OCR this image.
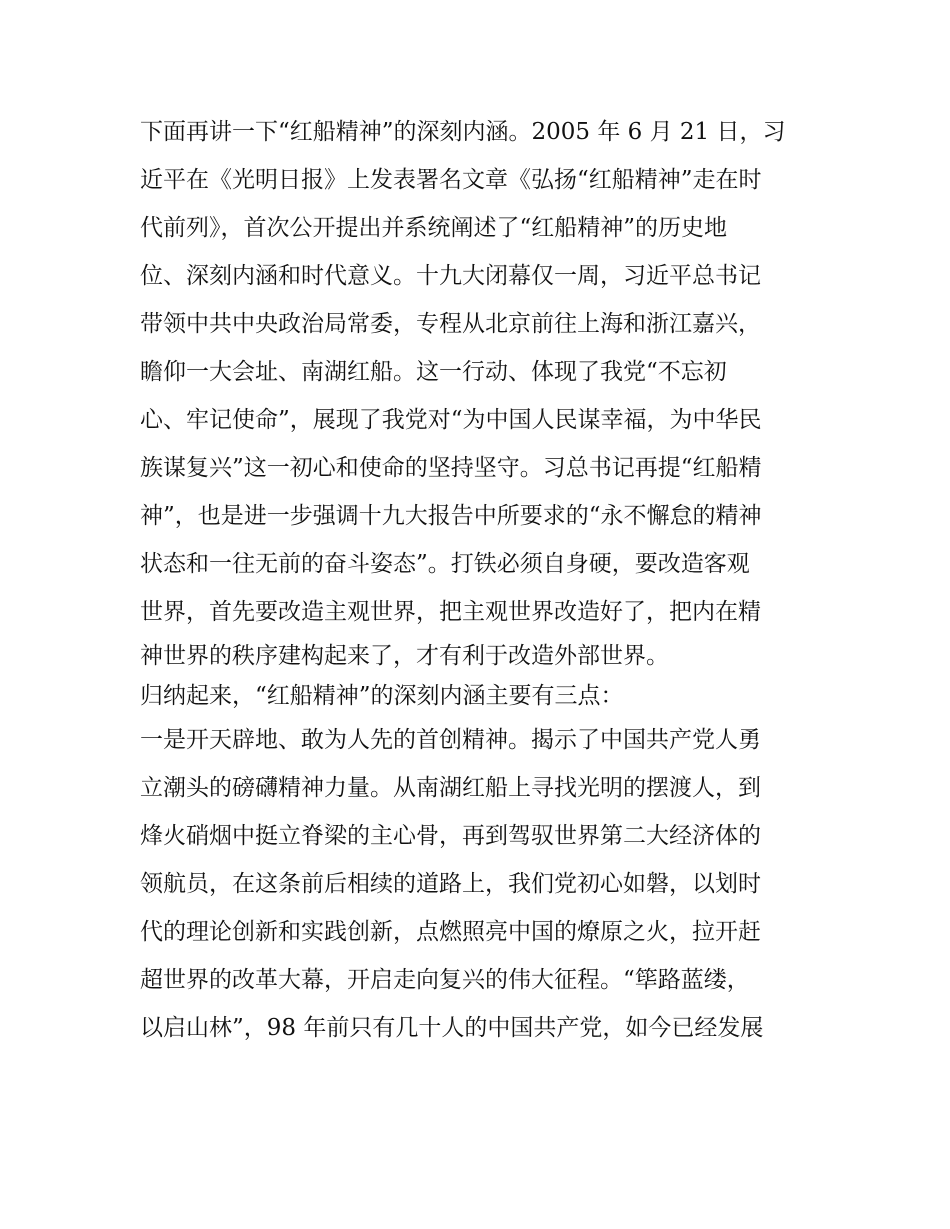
下面再讲一下“红船精神”的深刻内涵。2005 年 6 月 21 日，习
近平在《光明日报》上发表署名文章《弘扬“红船精神”走在时
代前列》，首次公开提出并系统阐述了“红船精神”的历史地
位、深刻内涵和时代意义。十九大闭幕仅一周，习近平总书记
带领中共中央政治局常委，专程从北京前往上海和浙江嘉兴，
瞻仰一大会址、南湖红船。这一行动、体现了我党“不忘初
心、牢记使命”，展现了我党对“为中国人民谋幸福，为中华民
族谋复兴”这一初心和使命的坚持坚守。习总书记再提“红船精
神”，也是进一步强调十九大报告中所要求的“永不懈怠的精神
状态和一往无前的奋斗姿态”。打铁必须自身硬，要改造客观
世界，首先要改造主观世界，把主观世界改造好了，把内在精
神世界的秩序建构起来了，才有利于改造外部世界。
归纳起来，“红船精神”的深刻内涵主要有三点：
一是开天辟地、敢为人先的首创精神。揭示了中国共产党人勇
立潮头的磅礴精神力量。从南湖红船上寻找光明的摆渡人，到
烽火硝烟中挺立脊梁的主心骨，再到驾驭世界第二大经济体的
领航员，在这条前后相续的道路上，我们党初心如磐，以划时
代的理论创新和实践创新，点燃照亮中国的燎原之火，拉开赶
超世界的改革大幕，开启走向复兴的伟大征程。“筚路蓝缕，
以启山林”，98 年前只有几十人的中国共产党，如今已经发展
